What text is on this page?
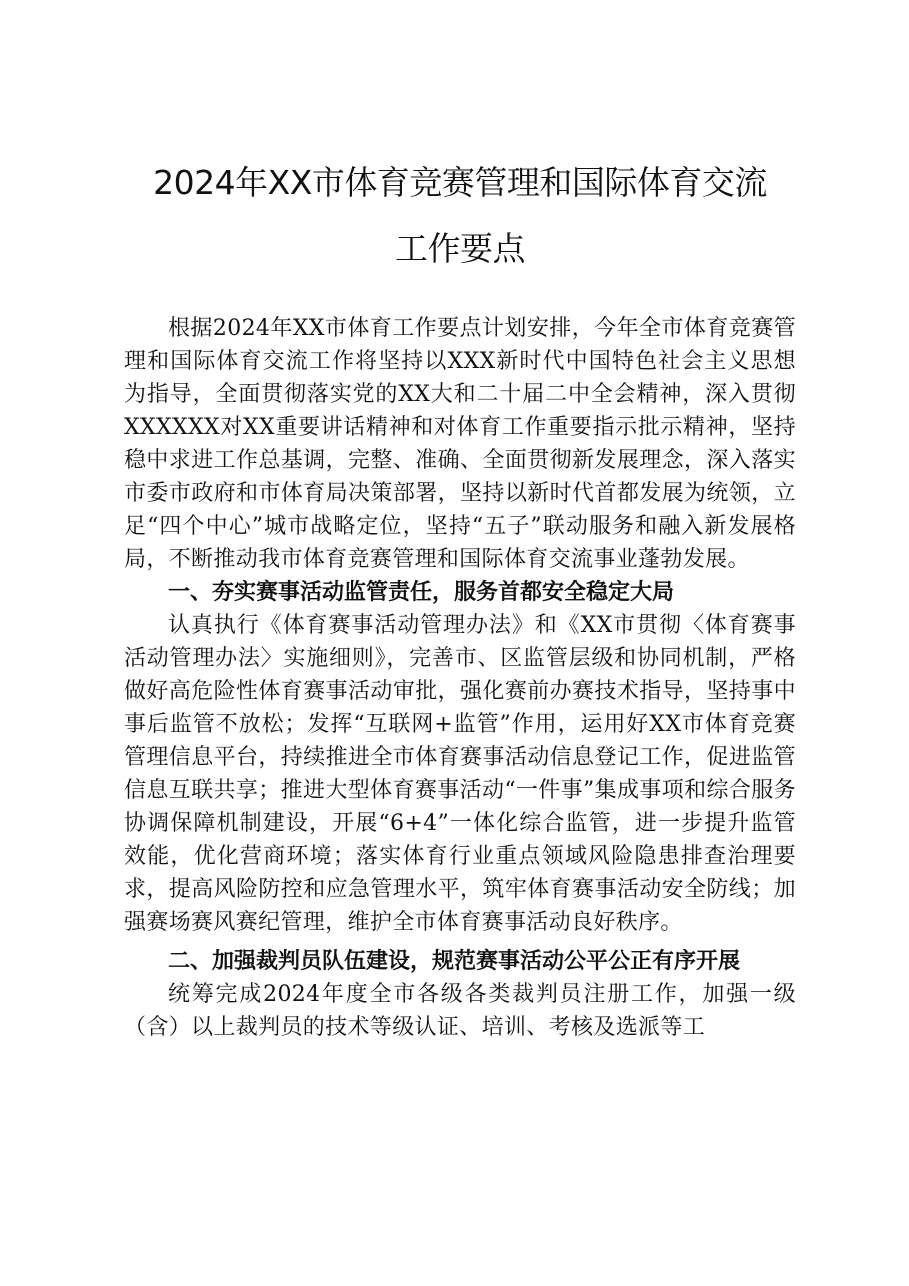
2024年XX市体育竞赛管理和国际体育交流
工作要点

根据2024年XX市体育工作要点计划安排，今年全市体育竞赛管理和国际体育交流工作将坚持以XXX新时代中国特色社会主义思想为指导，全面贯彻落实党的XX大和二十届二中全会精神，深入贯彻XXXXXX对XX重要讲话精神和对体育工作重要指示批示精神，坚持稳中求进工作总基调，完整、准确、全面贯彻新发展理念，深入落实市委市政府和市体育局决策部署，坚持以新时代首都发展为统领，立足“四个中心”城市战略定位，坚持“五子”联动服务和融入新发展格局，不断推动我市体育竞赛管理和国际体育交流事业蓬勃发展。

一、夯实赛事活动监管责任，服务首都安全稳定大局

认真执行《体育赛事活动管理办法》和《XX市贯彻〈体育赛事活动管理办法〉实施细则》，完善市、区监管层级和协同机制，严格做好高危险性体育赛事活动审批，强化赛前办赛技术指导，坚持事中事后监管不放松；发挥“互联网+监管”作用，运用好XX市体育竞赛管理信息平台，持续推进全市体育赛事活动信息登记工作，促进监管信息互联共享；推进大型体育赛事活动“一件事”集成事项和综合服务协调保障机制建设，开展“6+4”一体化综合监管，进一步提升监管效能，优化营商环境；落实体育行业重点领域风险隐患排查治理要求，提高风险防控和应急管理水平，筑牢体育赛事活动安全防线；加强赛场赛风赛纪管理，维护全市体育赛事活动良好秩序。

二、加强裁判员队伍建设，规范赛事活动公平公正有序开展

统筹完成2024年度全市各级各类裁判员注册工作，加强一级（含）以上裁判员的技术等级认证、培训、考核及选派等工
